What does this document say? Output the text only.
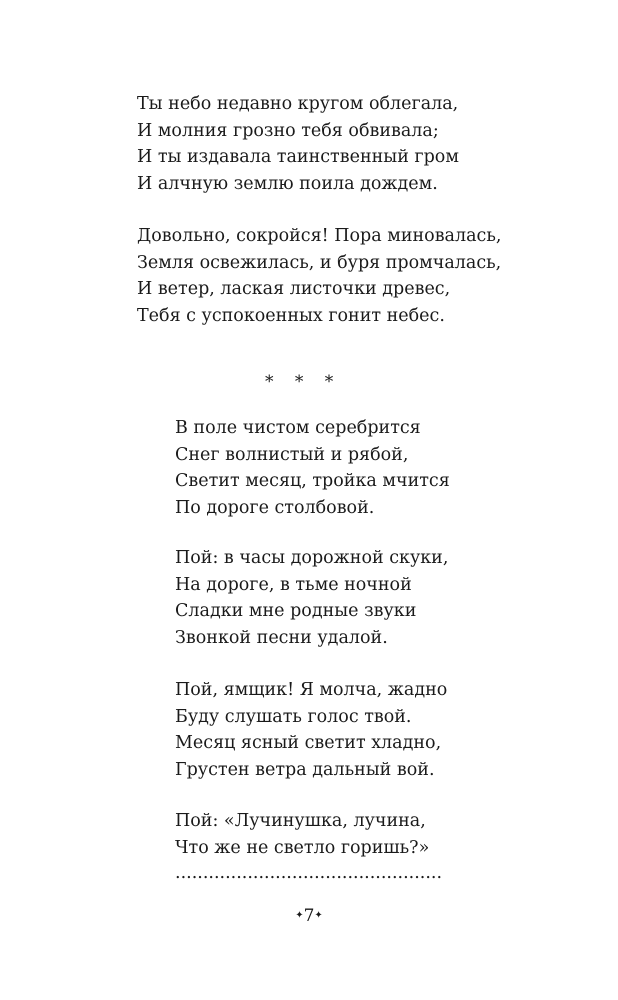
Ты небо недавно кругом облегала,
И молния грозно тебя обвивала;
И ты издавала таинственный гром
И алчную землю поила дождем.
Довольно, сокройся! Пора миновалась,
Земля освежилась, и буря промчалась,
И ветер, лаская листочки древес,
Тебя с успокоенных гонит небес.
* * *
В поле чистом серебрится
Снег волнистый и рябой,
Светит месяц, тройка мчится
По дороге столбовой.
Пой: в часы дорожной скуки,
На дороге, в тьме ночной
Сладки мне родные звуки
Звонкой песни удалой.
Пой, ямщик! Я молча, жадно
Буду слушать голос твой.
Месяц ясный светит хладно,
Грустен ветра дальный вой.
Пой: «Лучинушка, лучина,
Что же не светло горишь?»
................................................
✦7✦
